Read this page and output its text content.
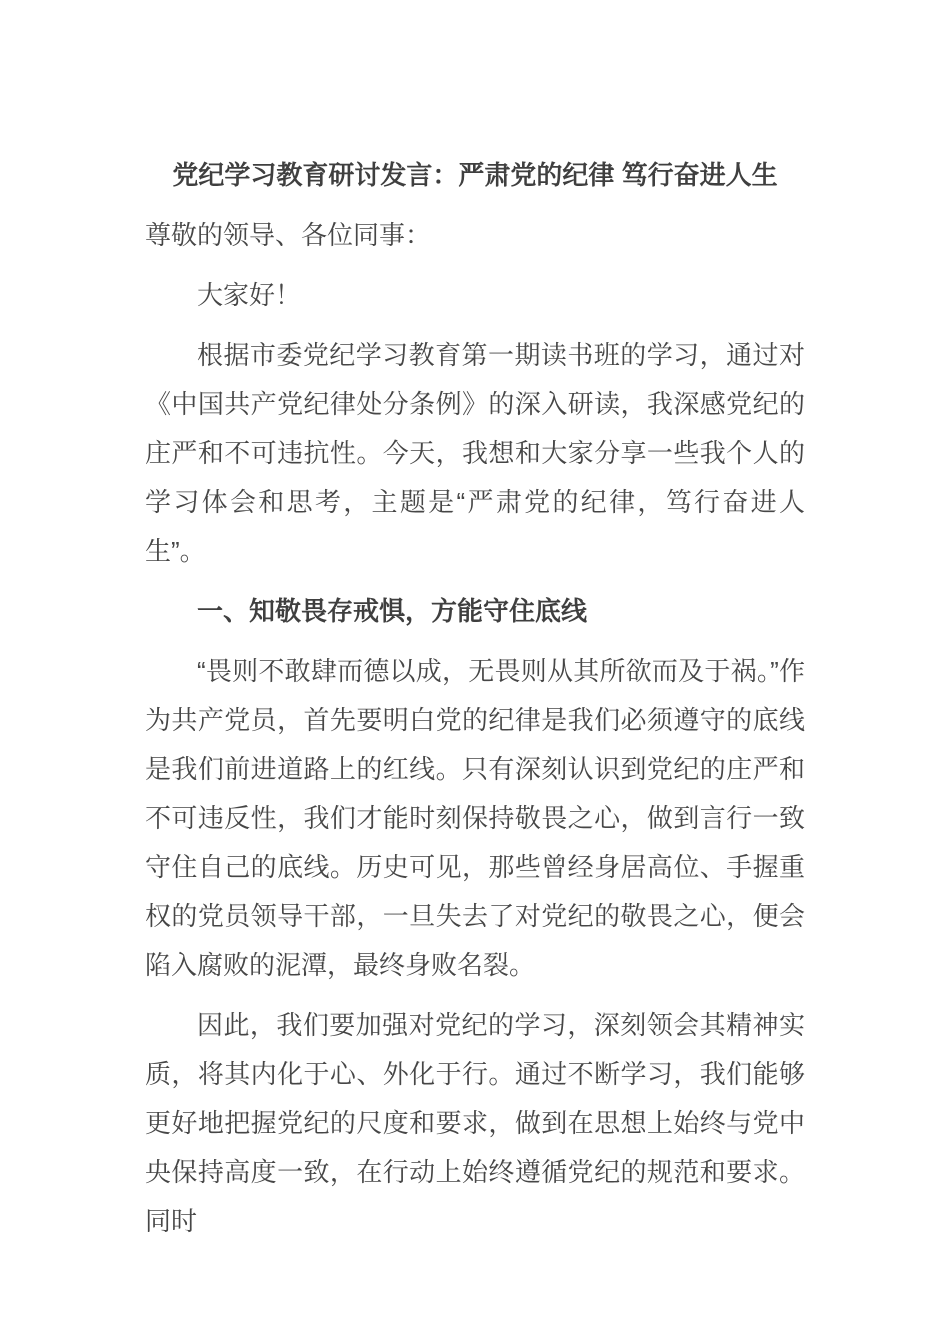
党纪学习教育研讨发言：严肃党的纪律 笃行奋进人生

尊敬的领导、各位同事：

大家好！

根据市委党纪学习教育第一期读书班的学习，通过对《中国共产党纪律处分条例》的深入研读，我深感党纪的庄严和不可违抗性。今天，我想和大家分享一些我个人的学习体会和思考，主题是“严肃党的纪律，笃行奋进人生”。

一、知敬畏存戒惧，方能守住底线

“畏则不敢肆而德以成，无畏则从其所欲而及于祸。”作为共产党员，首先要明白党的纪律是我们必须遵守的底线是我们前进道路上的红线。只有深刻认识到党纪的庄严和不可违反性，我们才能时刻保持敬畏之心，做到言行一致守住自己的底线。历史可见，那些曾经身居高位、手握重权的党员领导干部，一旦失去了对党纪的敬畏之心，便会陷入腐败的泥潭，最终身败名裂。

因此，我们要加强对党纪的学习，深刻领会其精神实质，将其内化于心、外化于行。通过不断学习，我们能够更好地把握党纪的尺度和要求，做到在思想上始终与党中央保持高度一致，在行动上始终遵循党纪的规范和要求。同时
